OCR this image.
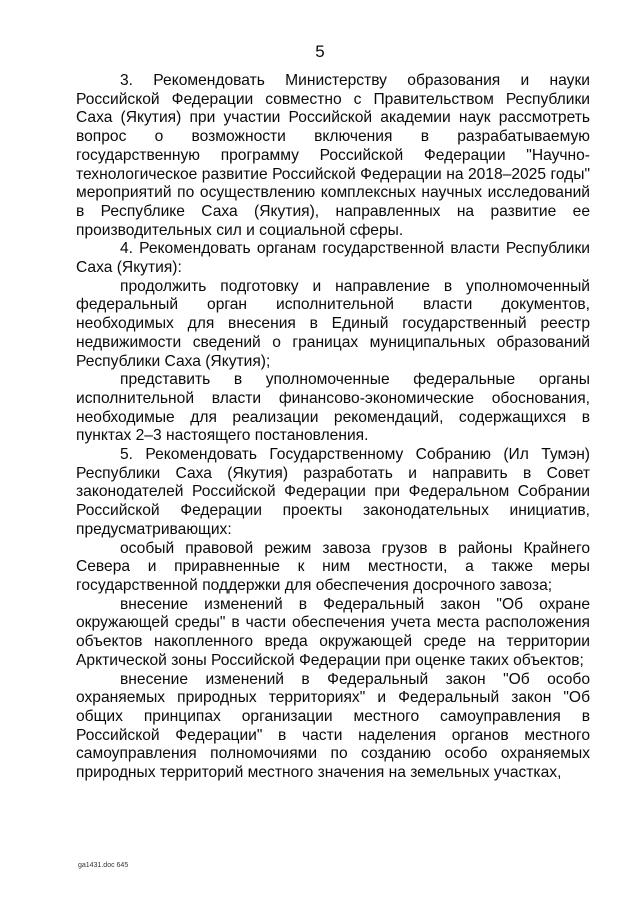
5

3. Рекомендовать Министерству образования и науки Российской Федерации совместно с Правительством Республики Саха (Якутия) при участии Российской академии наук рассмотреть вопрос о возможности включения в разрабатываемую государственную программу Российской Федерации "Научно-технологическое развитие Российской Федерации на 2018–2025 годы" мероприятий по осуществлению комплексных научных исследований в Республике Саха (Якутия), направленных на развитие ее производительных сил и социальной сферы.

4. Рекомендовать органам государственной власти Республики Саха (Якутия):

продолжить подготовку и направление в уполномоченный федеральный орган исполнительной власти документов, необходимых для внесения в Единый государственный реестр недвижимости сведений о границах муниципальных образований Республики Саха (Якутия);

представить в уполномоченные федеральные органы исполнительной власти финансово-экономические обоснования, необходимые для реализации рекомендаций, содержащихся в пунктах 2–3 настоящего постановления.

5. Рекомендовать Государственному Собранию (Ил Тумэн) Республики Саха (Якутия) разработать и направить в Совет законодателей Российской Федерации при Федеральном Собрании Российской Федерации проекты законодательных инициатив, предусматривающих:

особый правовой режим завоза грузов в районы Крайнего Севера и приравненные к ним местности, а также меры государственной поддержки для обеспечения досрочного завоза;

внесение изменений в Федеральный закон "Об охране окружающей среды" в части обеспечения учета места расположения объектов накопленного вреда окружающей среде на территории Арктической зоны Российской Федерации при оценке таких объектов;

внесение изменений в Федеральный закон "Об особо охраняемых природных территориях" и Федеральный закон "Об общих принципах организации местного самоуправления в Российской Федерации" в части наделения органов местного самоуправления полномочиями по созданию особо охраняемых природных территорий местного значения на земельных участках,

ga1431.doc 645
